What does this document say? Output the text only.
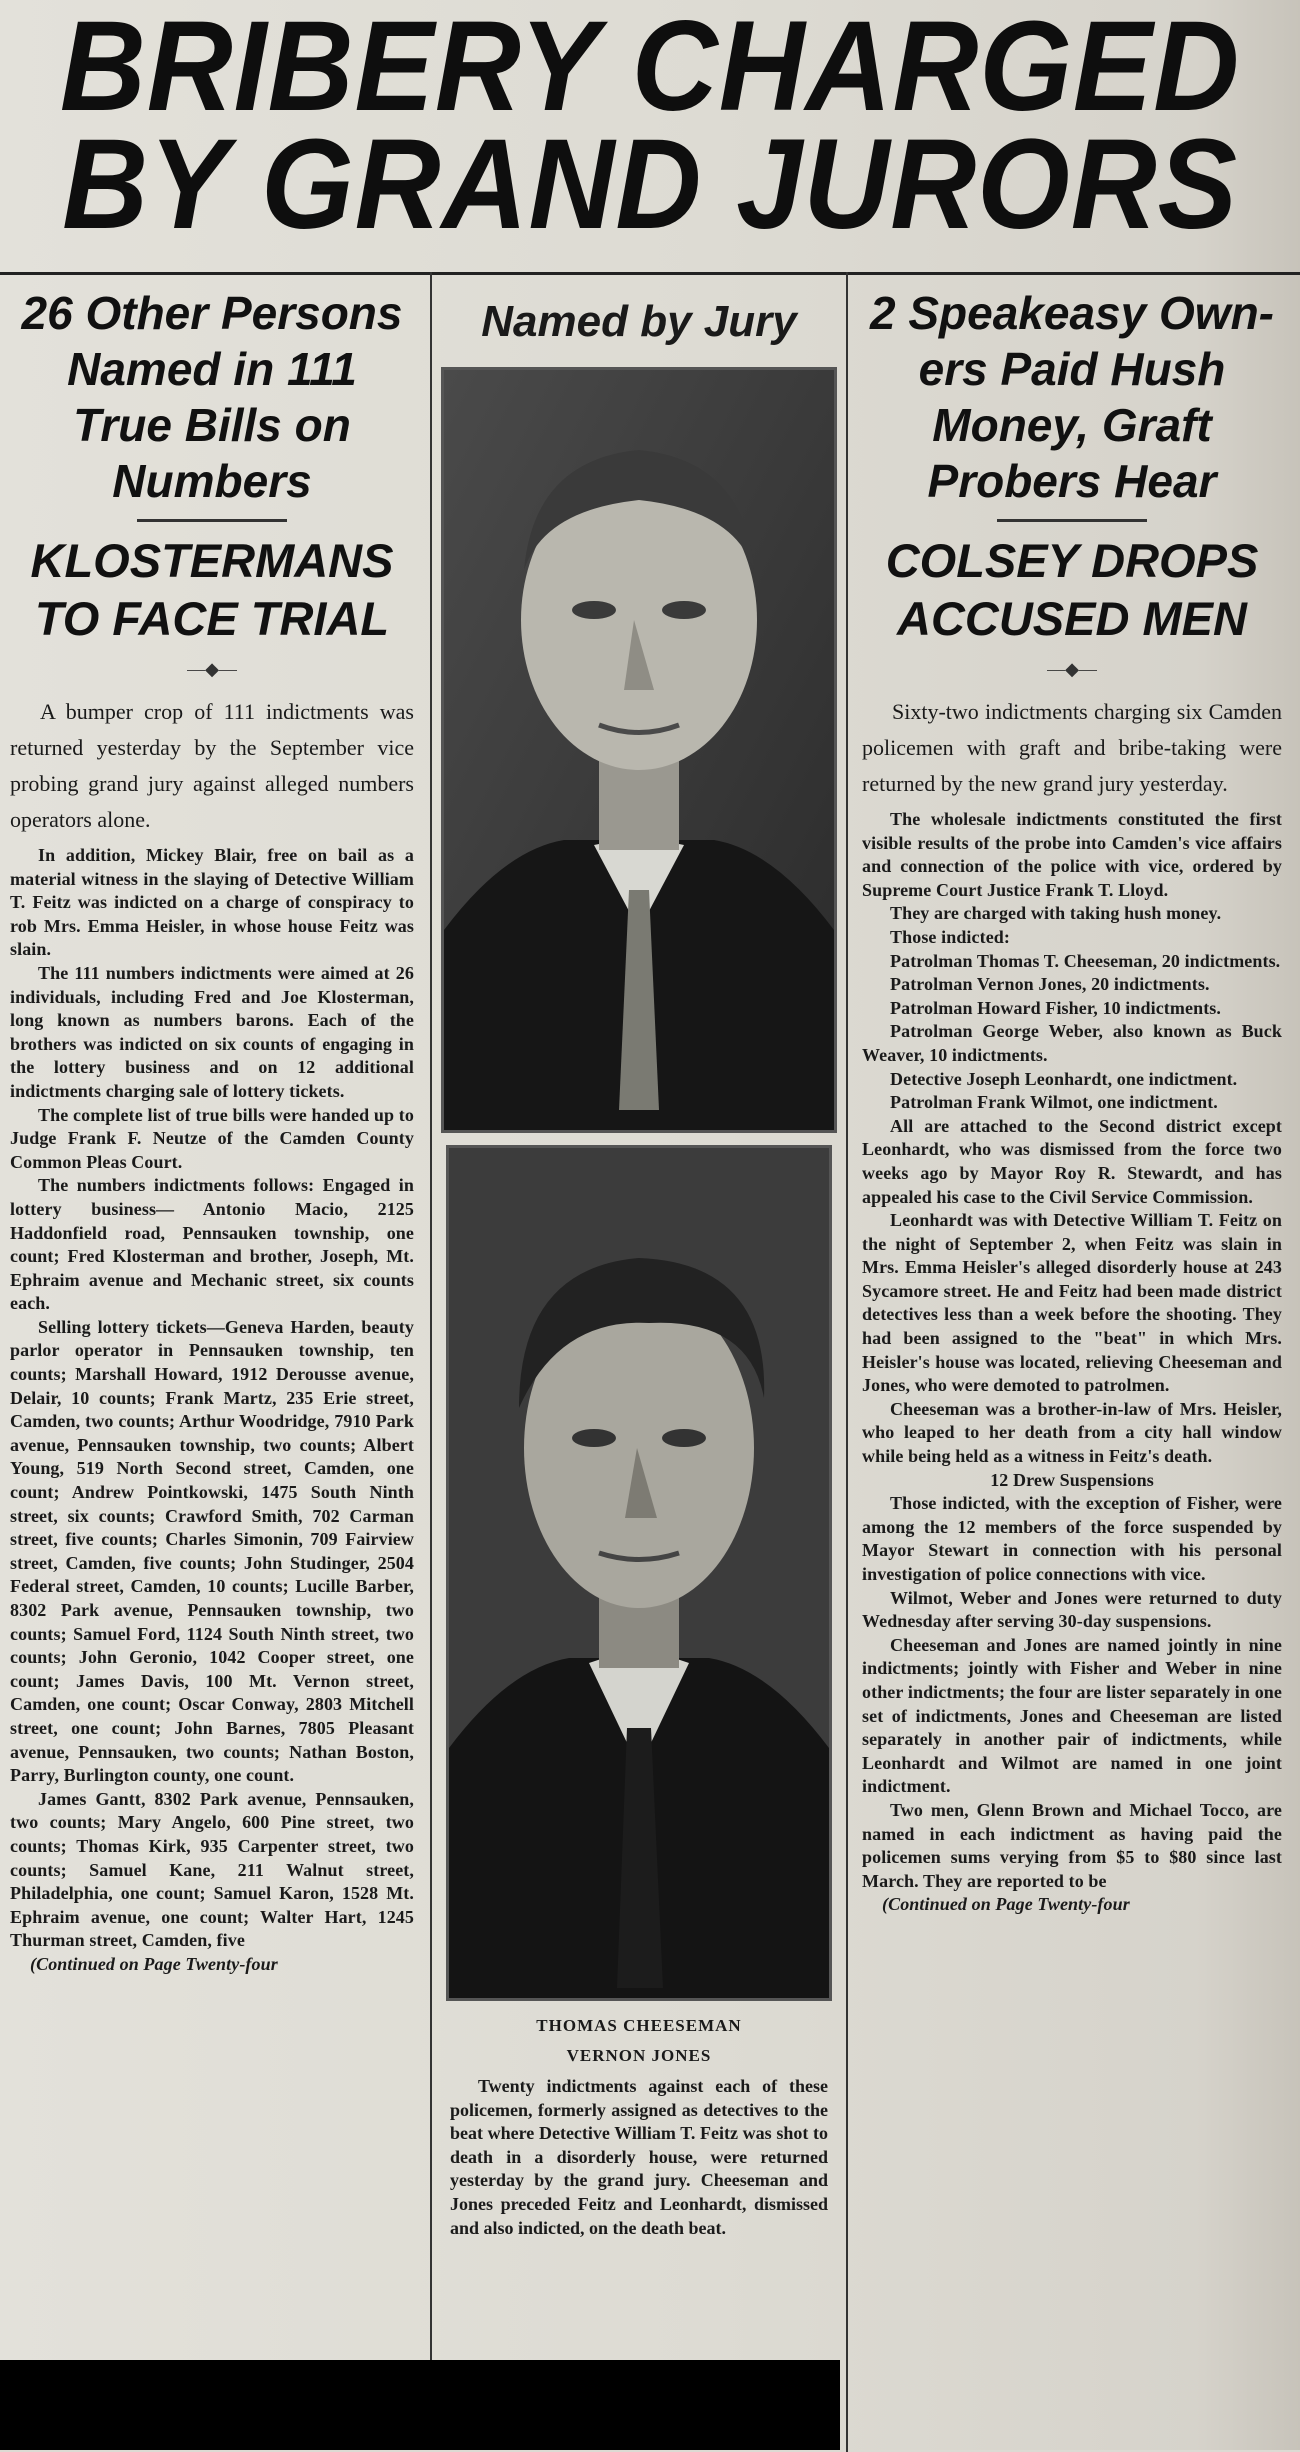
BRIBERY CHARGED
BY GRAND JURORS
26 Other Persons
Named in 111
True Bills on
Numbers
KLOSTERMANS
TO FACE TRIAL
—◆—

A bumper crop of 111 indictments was returned yesterday by the September vice probing grand jury against alleged numbers operators alone.

In addition, Mickey Blair, free on bail as a material witness in the slaying of Detective William T. Feitz was indicted on a charge of conspiracy to rob Mrs. Emma Heisler, in whose house Feitz was slain.

The 111 numbers indictments were aimed at 26 individuals, including Fred and Joe Klosterman, long known as numbers barons. Each of the brothers was indicted on six counts of engaging in the lottery business and on 12 additional indictments charging sale of lottery tickets.

The complete list of true bills were handed up to Judge Frank F. Neutze of the Camden County Common Pleas Court.

The numbers indictments follows: Engaged in lottery business— Antonio Macio, 2125 Haddonfield road, Pennsauken township, one count; Fred Klosterman and brother, Joseph, Mt. Ephraim avenue and Mechanic street, six counts each.

Selling lottery tickets—Geneva Harden, beauty parlor operator in Pennsauken township, ten counts; Marshall Howard, 1912 Derousse avenue, Delair, 10 counts; Frank Martz, 235 Erie street, Camden, two counts; Arthur Woodridge, 7910 Park avenue, Pennsauken township, two counts; Albert Young, 519 North Second street, Camden, one count; Andrew Pointkowski, 1475 South Ninth street, six counts; Crawford Smith, 702 Carman street, five counts; Charles Simonin, 709 Fairview street, Camden, five counts; John Studinger, 2504 Federal street, Camden, 10 counts; Lucille Barber, 8302 Park avenue, Pennsauken township, two counts; Samuel Ford, 1124 South Ninth street, two counts; John Geronio, 1042 Cooper street, one count; James Davis, 100 Mt. Vernon street, Camden, one count; Oscar Conway, 2803 Mitchell street, one count; John Barnes, 7805 Pleasant avenue, Pennsauken, two counts; Nathan Boston, Parry, Burlington county, one count.

James Gantt, 8302 Park avenue, Pennsauken, two counts; Mary Angelo, 600 Pine street, two counts; Thomas Kirk, 935 Carpenter street, two counts; Samuel Kane, 211 Walnut street, Philadelphia, one count; Samuel Karon, 1528 Mt. Ephraim avenue, one count; Walter Hart, 1245 Thurman street, Camden, five

(Continued on Page Twenty-four

Named by Jury
THOMAS CHEESEMAN
VERNON JONES

Twenty indictments against each of these policemen, formerly assigned as detectives to the beat where Detective William T. Feitz was shot to death in a disorderly house, were returned yesterday by the grand jury. Cheeseman and Jones preceded Feitz and Leonhardt, dismissed and also indicted, on the death beat.

2 Speakeasy Own-
ers Paid Hush
Money, Graft
Probers Hear
COLSEY DROPS
ACCUSED MEN
—◆—

Sixty-two indictments charging six Camden policemen with graft and bribe-taking were returned by the new grand jury yesterday.

The wholesale indictments constituted the first visible results of the probe into Camden's vice affairs and connection of the police with vice, ordered by Supreme Court Justice Frank T. Lloyd.

They are charged with taking hush money.

Those indicted:

Patrolman Thomas T. Cheeseman, 20 indictments.

Patrolman Vernon Jones, 20 indictments.

Patrolman Howard Fisher, 10 indictments.

Patrolman George Weber, also known as Buck Weaver, 10 indictments.

Detective Joseph Leonhardt, one indictment.

Patrolman Frank Wilmot, one indictment.

All are attached to the Second district except Leonhardt, who was dismissed from the force two weeks ago by Mayor Roy R. Stewardt, and has appealed his case to the Civil Service Commission.

Leonhardt was with Detective William T. Feitz on the night of September 2, when Feitz was slain in Mrs. Emma Heisler's alleged disorderly house at 243 Sycamore street. He and Feitz had been made district detectives less than a week before the shooting. They had been assigned to the "beat" in which Mrs. Heisler's house was located, relieving Cheeseman and Jones, who were demoted to patrolmen.

Cheeseman was a brother-in-law of Mrs. Heisler, who leaped to her death from a city hall window while being held as a witness in Feitz's death.

12 Drew Suspensions

Those indicted, with the exception of Fisher, were among the 12 members of the force suspended by Mayor Stewart in connection with his personal investigation of police connections with vice.

Wilmot, Weber and Jones were returned to duty Wednesday after serving 30-day suspensions.

Cheeseman and Jones are named jointly in nine indictments; jointly with Fisher and Weber in nine other indictments; the four are lister separately in one set of indictments, Jones and Cheeseman are listed separately in another pair of indictments, while Leonhardt and Wilmot are named in one joint indictment.

Two men, Glenn Brown and Michael Tocco, are named in each indictment as having paid the policemen sums verying from $5 to $80 since last March. They are reported to be

(Continued on Page Twenty-four
